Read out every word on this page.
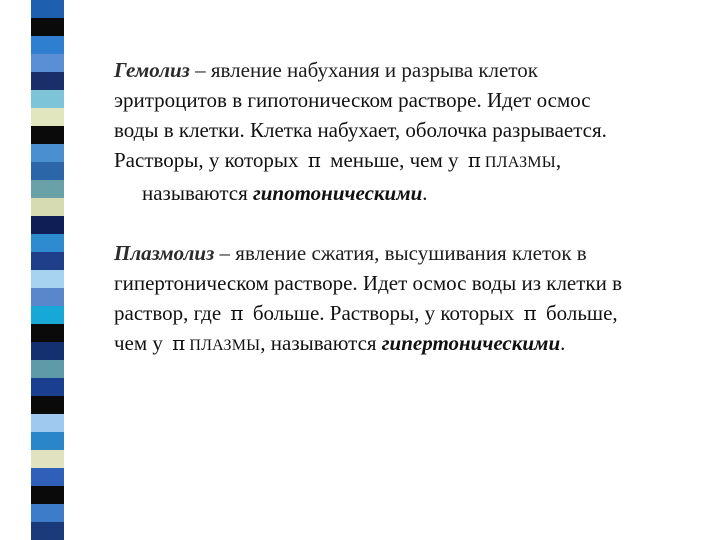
Гемолиз – явление набухания и разрыва клеток
эритроцитов в гипотоническом растворе. Идет осмос
воды в клетки. Клетка набухает, оболочка разрывается.
Растворы, у которых π меньше, чем у π ПЛАЗМЫ,
называются гипотоническими.
Плазмолиз – явление сжатия, высушивания клеток в
гипертоническом растворе. Идет осмос воды из клетки в
раствор, где π больше. Растворы, у которых π больше,
чем у π ПЛАЗМЫ, называются гипертоническими.
